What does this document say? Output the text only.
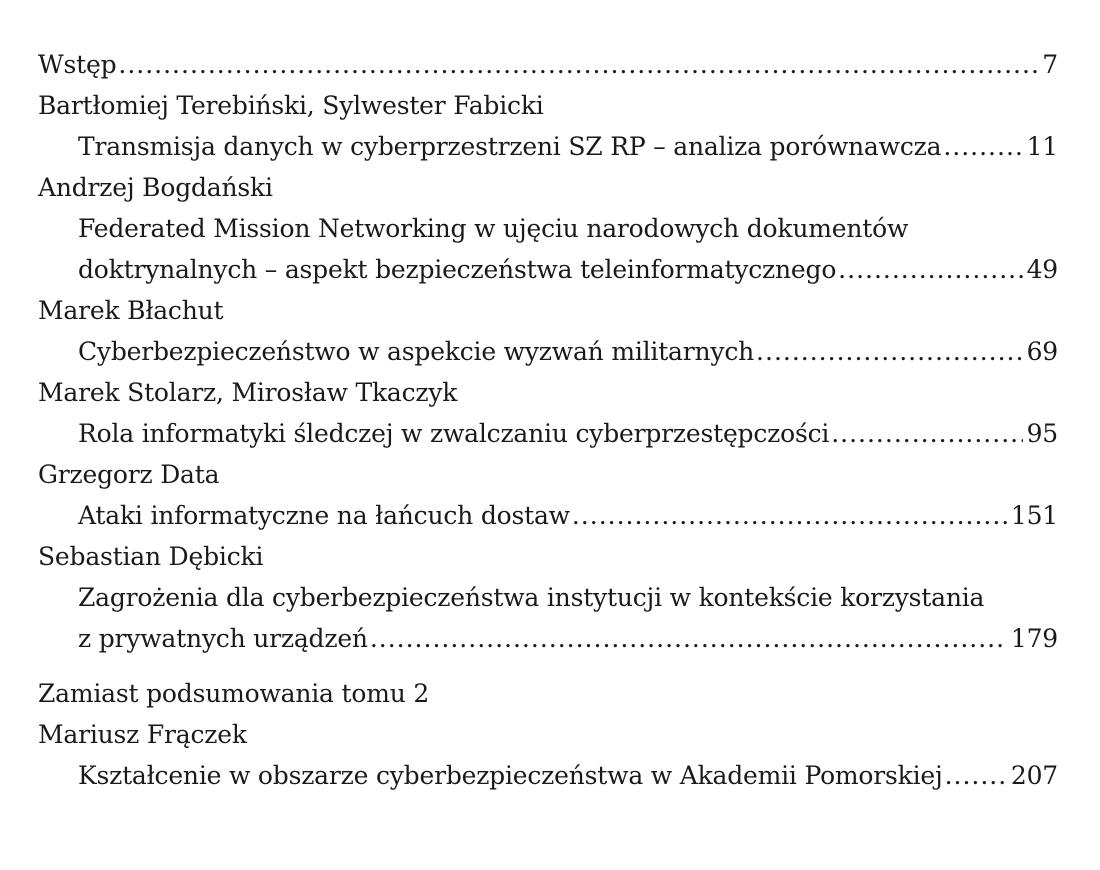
Wstęp .....	7
Bartłomiej Terebiński, Sylwester Fabicki
Transmisja danych w cyberprzestrzeni SZ RP – analiza porównawcza .....	11
Andrzej Bogdański
Federated Mission Networking w ujęciu narodowych dokumentów
doktrynalnych – aspekt bezpieczeństwa teleinformatycznego .....	49
Marek Błachut
Cyberbezpieczeństwo w aspekcie wyzwań militarnych .....	69
Marek Stolarz, Mirosław Tkaczyk
Rola informatyki śledczej w zwalczaniu cyberprzestępczości .....	95
Grzegorz Data
Ataki informatyczne na łańcuch dostaw .....	151
Sebastian Dębicki
Zagrożenia dla cyberbezpieczeństwa instytucji w kontekście korzystania
z prywatnych urządzeń .....	179
Zamiast podsumowania tomu 2
Mariusz Frączek
Kształcenie w obszarze cyberbezpieczeństwa w Akademii Pomorskiej .....	207
